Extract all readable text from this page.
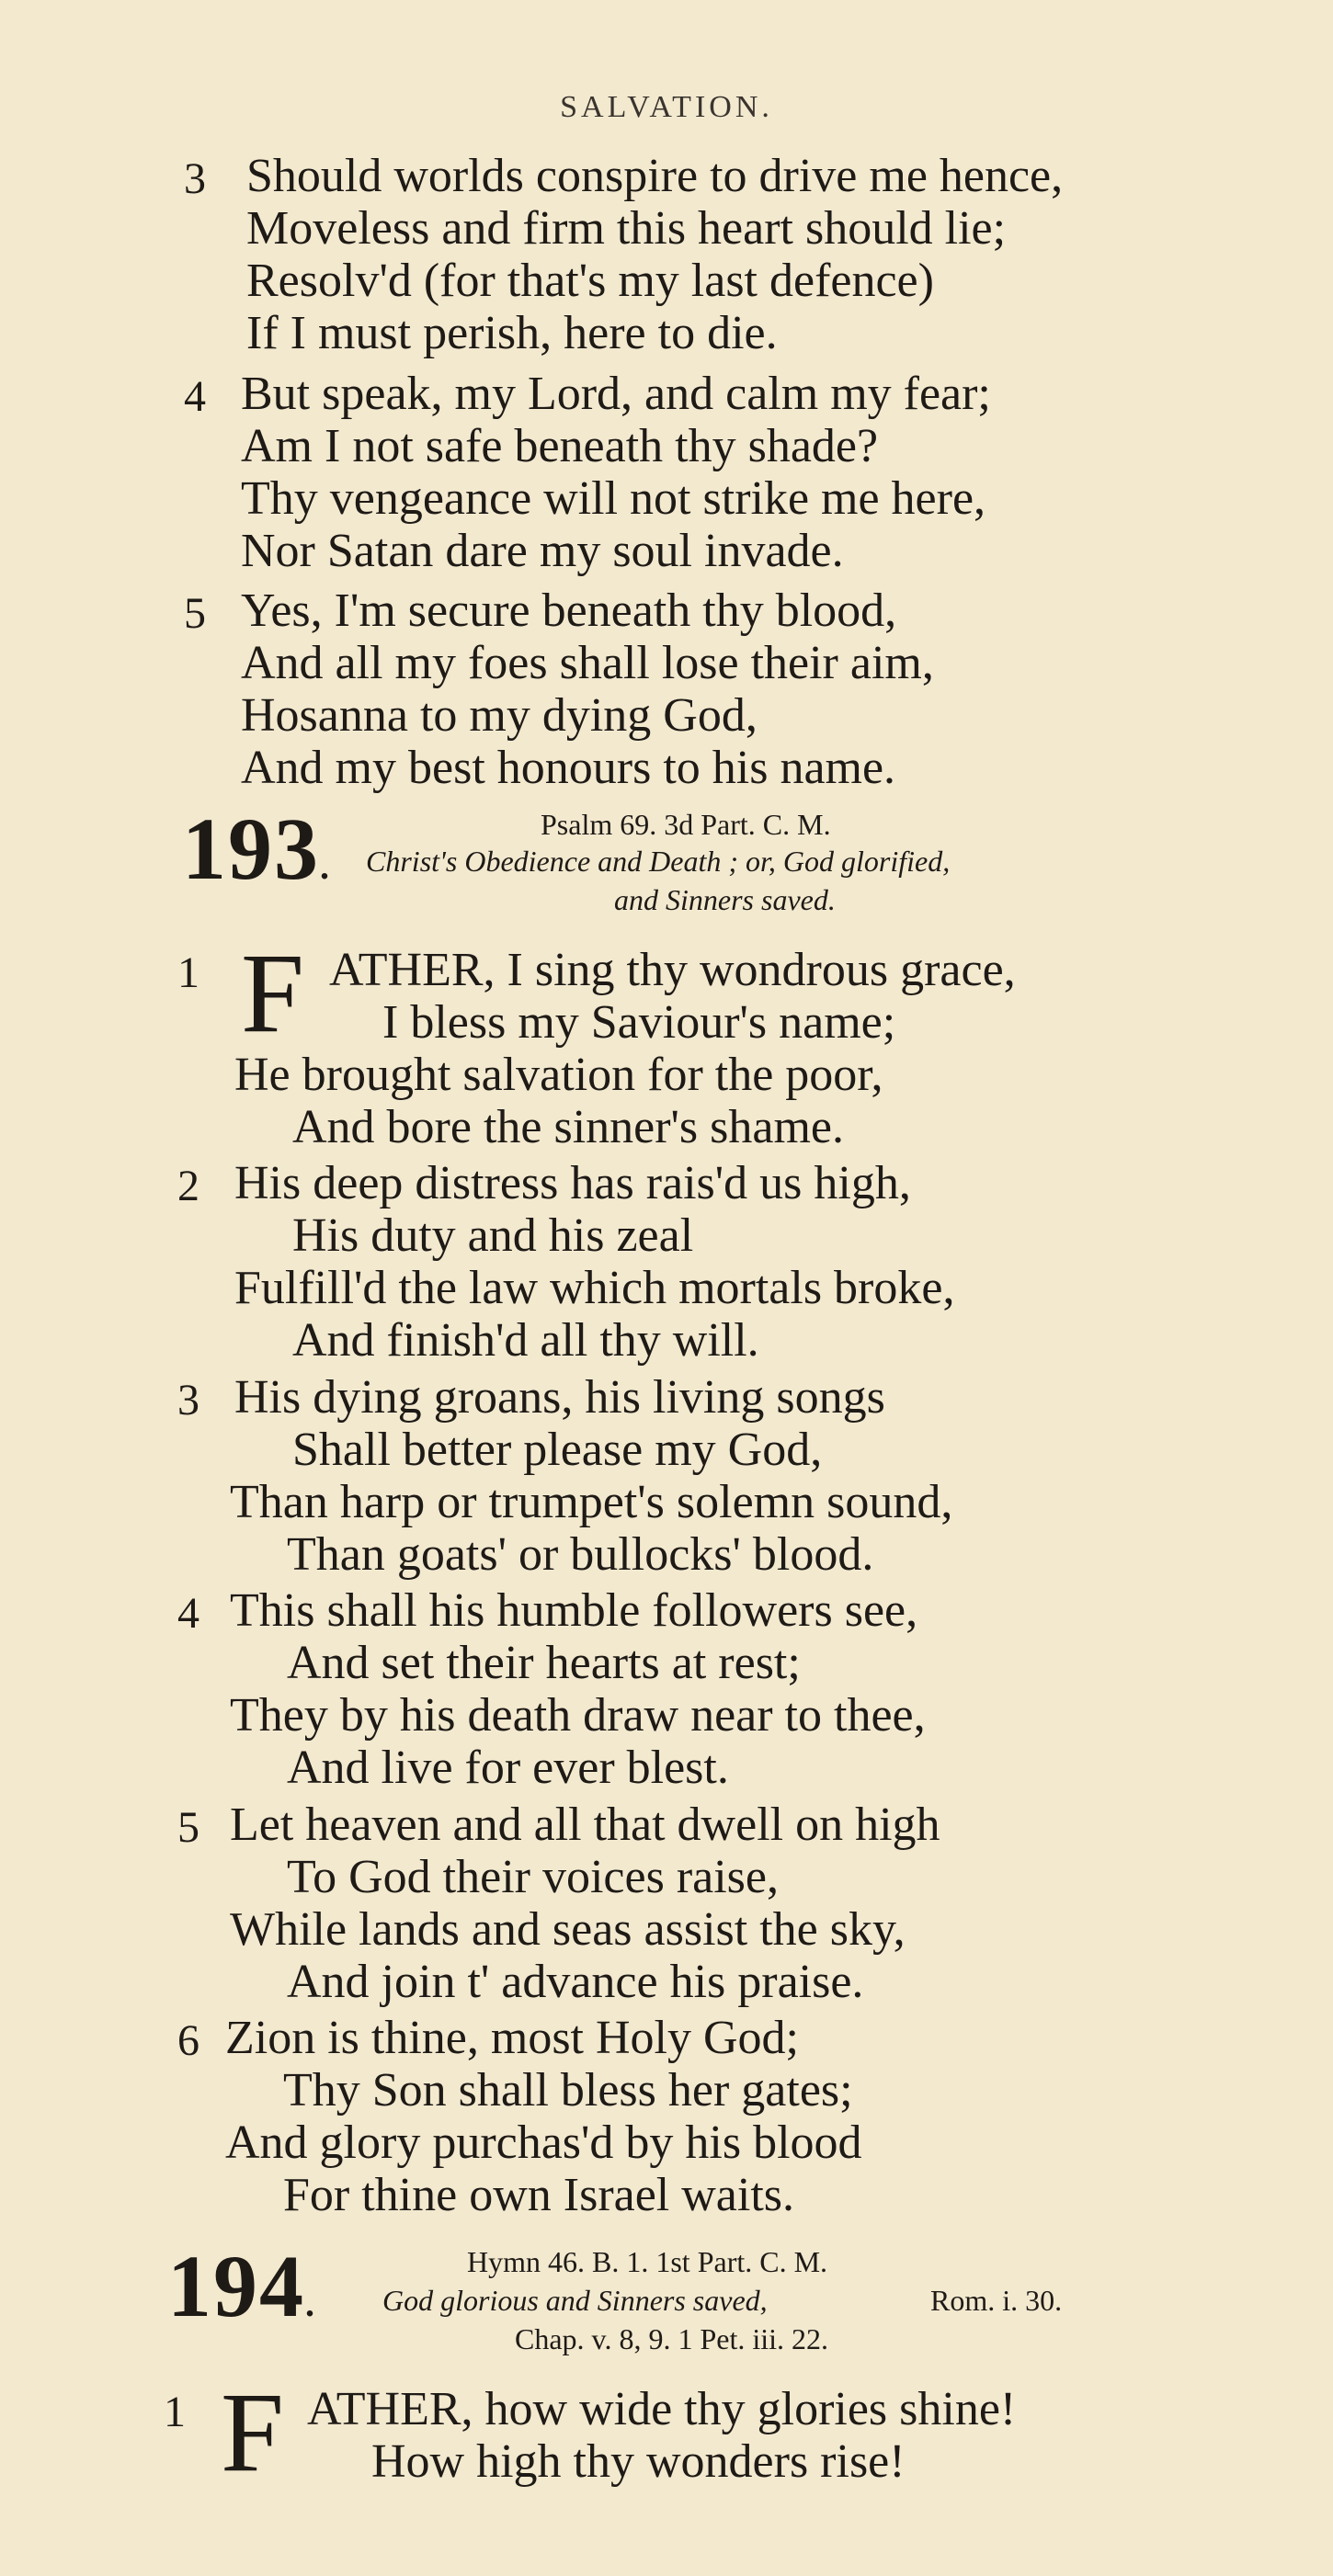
SALVATION.
3 Should worlds conspire to drive me hence,
Moveless and firm this heart should lie;
Resolv'd (for that's my last defence)
If I must perish, here to die.
4 But speak, my Lord, and calm my fear;
Am I not safe beneath thy shade?
Thy vengeance will not strike me here,
Nor Satan dare my soul invade.
5 Yes, I'm secure beneath thy blood,
And all my foes shall lose their aim,
Hosanna to my dying God,
And my best honours to his name.
193.
Psalm 69. 3d Part. C. M.
Christ's Obedience and Death ; or, God glorified,
and Sinners saved.
1 F ATHER, I sing thy wondrous grace,
I bless my Saviour's name;
He brought salvation for the poor,
And bore the sinner's shame.
2 His deep distress has rais'd us high,
His duty and his zeal
Fulfill'd the law which mortals broke,
And finish'd all thy will.
3 His dying groans, his living songs
Shall better please my God,
Than harp or trumpet's solemn sound,
Than goats' or bullocks' blood.
4 This shall his humble followers see,
And set their hearts at rest;
They by his death draw near to thee,
And live for ever blest.
5 Let heaven and all that dwell on high
To God their voices raise,
While lands and seas assist the sky,
And join t' advance his praise.
6 Zion is thine, most Holy God;
Thy Son shall bless her gates;
And glory purchas'd by his blood
For thine own Israel waits.
194.
Hymn 46. B. 1. 1st Part. C. M.
God glorious and Sinners saved,	Rom. i. 30.
Chap. v. 8, 9. 1 Pet. iii. 22.
1 F ATHER, how wide thy glories shine!
How high thy wonders rise!
